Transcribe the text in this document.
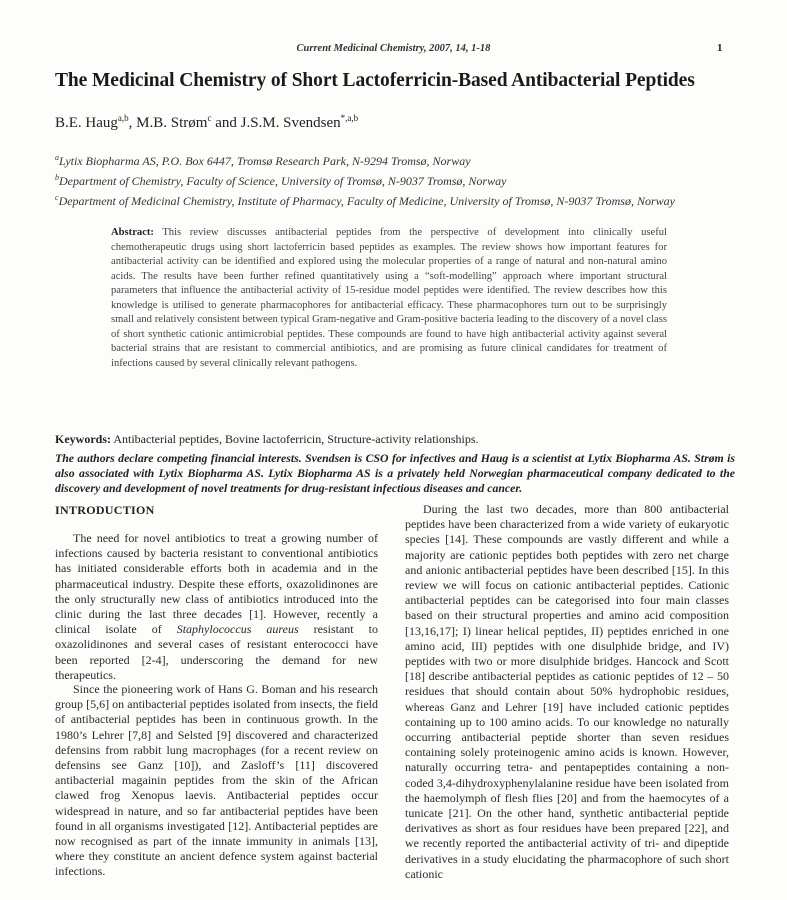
Current Medicinal Chemistry, 2007, 14, 1-18	1
The Medicinal Chemistry of Short Lactoferricin-Based Antibacterial Peptides
B.E. Haug$^{a,b}$, M.B. Strøm$^c$ and J.S.M. Svendsen$^{*,a,b}$
$^a$Lytix Biopharma AS, P.O. Box 6447, Tromsø Research Park, N-9294 Tromsø, Norway
$^b$Department of Chemistry, Faculty of Science, University of Tromsø, N-9037 Tromsø, Norway
$^c$Department of Medicinal Chemistry, Institute of Pharmacy, Faculty of Medicine, University of Tromsø, N-9037 Tromsø, Norway
Abstract: This review discusses antibacterial peptides from the perspective of development into clinically useful chemotherapeutic drugs using short lactoferricin based peptides as examples. The review shows how important features for antibacterial activity can be identified and explored using the molecular properties of a range of natural and non-natural amino acids. The results have been further refined quantitatively using a “soft-modelling” approach where important structural parameters that influence the antibacterial activity of 15-residue model peptides were identified. The review describes how this knowledge is utilised to generate pharmacophores for antibacterial efficacy. These pharmacophores turn out to be surprisingly small and relatively consistent between typical Gram-negative and Gram-positive bacteria leading to the discovery of a novel class of short synthetic cationic antimicrobial peptides. These compounds are found to have high antibacterial activity against several bacterial strains that are resistant to commercial antibiotics, and are promising as future clinical candidates for treatment of infections caused by several clinically relevant pathogens.
Keywords: Antibacterial peptides, Bovine lactoferricin, Structure-activity relationships.
The authors declare competing financial interests. Svendsen is CSO for infectives and Haug is a scientist at Lytix Biopharma AS. Strøm is also associated with Lytix Biopharma AS. Lytix Biopharma AS is a privately held Norwegian pharmaceutical company dedicated to the discovery and development of novel treatments for drug-resistant infectious diseases and cancer.
INTRODUCTION

The need for novel antibiotics to treat a growing number of infections caused by bacteria resistant to conventional antibiotics has initiated considerable efforts both in academia and in the pharmaceutical industry. Despite these efforts, oxazolidinones are the only structurally new class of antibiotics introduced into the clinic during the last three decades [1]. However, recently a clinical isolate of Staphylococcus aureus resistant to oxazolidinones and several cases of resistant enterococci have been reported [2-4], underscoring the demand for new therapeutics.

Since the pioneering work of Hans G. Boman and his research group [5,6] on antibacterial peptides isolated from insects, the field of antibacterial peptides has been in continuous growth. In the 1980’s Lehrer [7,8] and Selsted [9] discovered and characterized defensins from rabbit lung macrophages (for a recent review on defensins see Ganz [10]), and Zasloff’s [11] discovered antibacterial magainin peptides from the skin of the African clawed frog Xenopus laevis. Antibacterial peptides occur widespread in nature, and so far antibacterial peptides have been found in all organisms investigated [12]. Antibacterial peptides are now recognised as part of the innate immunity in animals [13], where they constitute an ancient defence system against bacterial infections.

During the last two decades, more than 800 antibacterial peptides have been characterized from a wide variety of eukaryotic species [14]. These compounds are vastly different and while a majority are cationic peptides both peptides with zero net charge and anionic antibacterial peptides have been described [15]. In this review we will focus on cationic antibacterial peptides. Cationic antibacterial peptides can be categorised into four main classes based on their structural properties and amino acid composition [13,16,17]; I) linear helical peptides, II) peptides enriched in one amino acid, III) peptides with one disulphide bridge, and IV) peptides with two or more disulphide bridges. Hancock and Scott [18] describe antibacterial peptides as cationic peptides of 12 – 50 residues that should contain about 50% hydrophobic residues, whereas Ganz and Lehrer [19] have included cationic peptides containing up to 100 amino acids. To our knowledge no naturally occurring antibacterial peptide shorter than seven residues containing solely proteinogenic amino acids is known. However, naturally occurring tetra- and pentapeptides containing a non-coded 3,4-dihydroxyphenylalanine residue have been isolated from the haemolymph of flesh flies [20] and from the haemocytes of a tunicate [21]. On the other hand, synthetic antibacterial peptide derivatives as short as four residues have been prepared [22], and we recently reported the antibacterial activity of tri- and dipeptide derivatives in a study elucidating the pharmacophore of such short cationic
